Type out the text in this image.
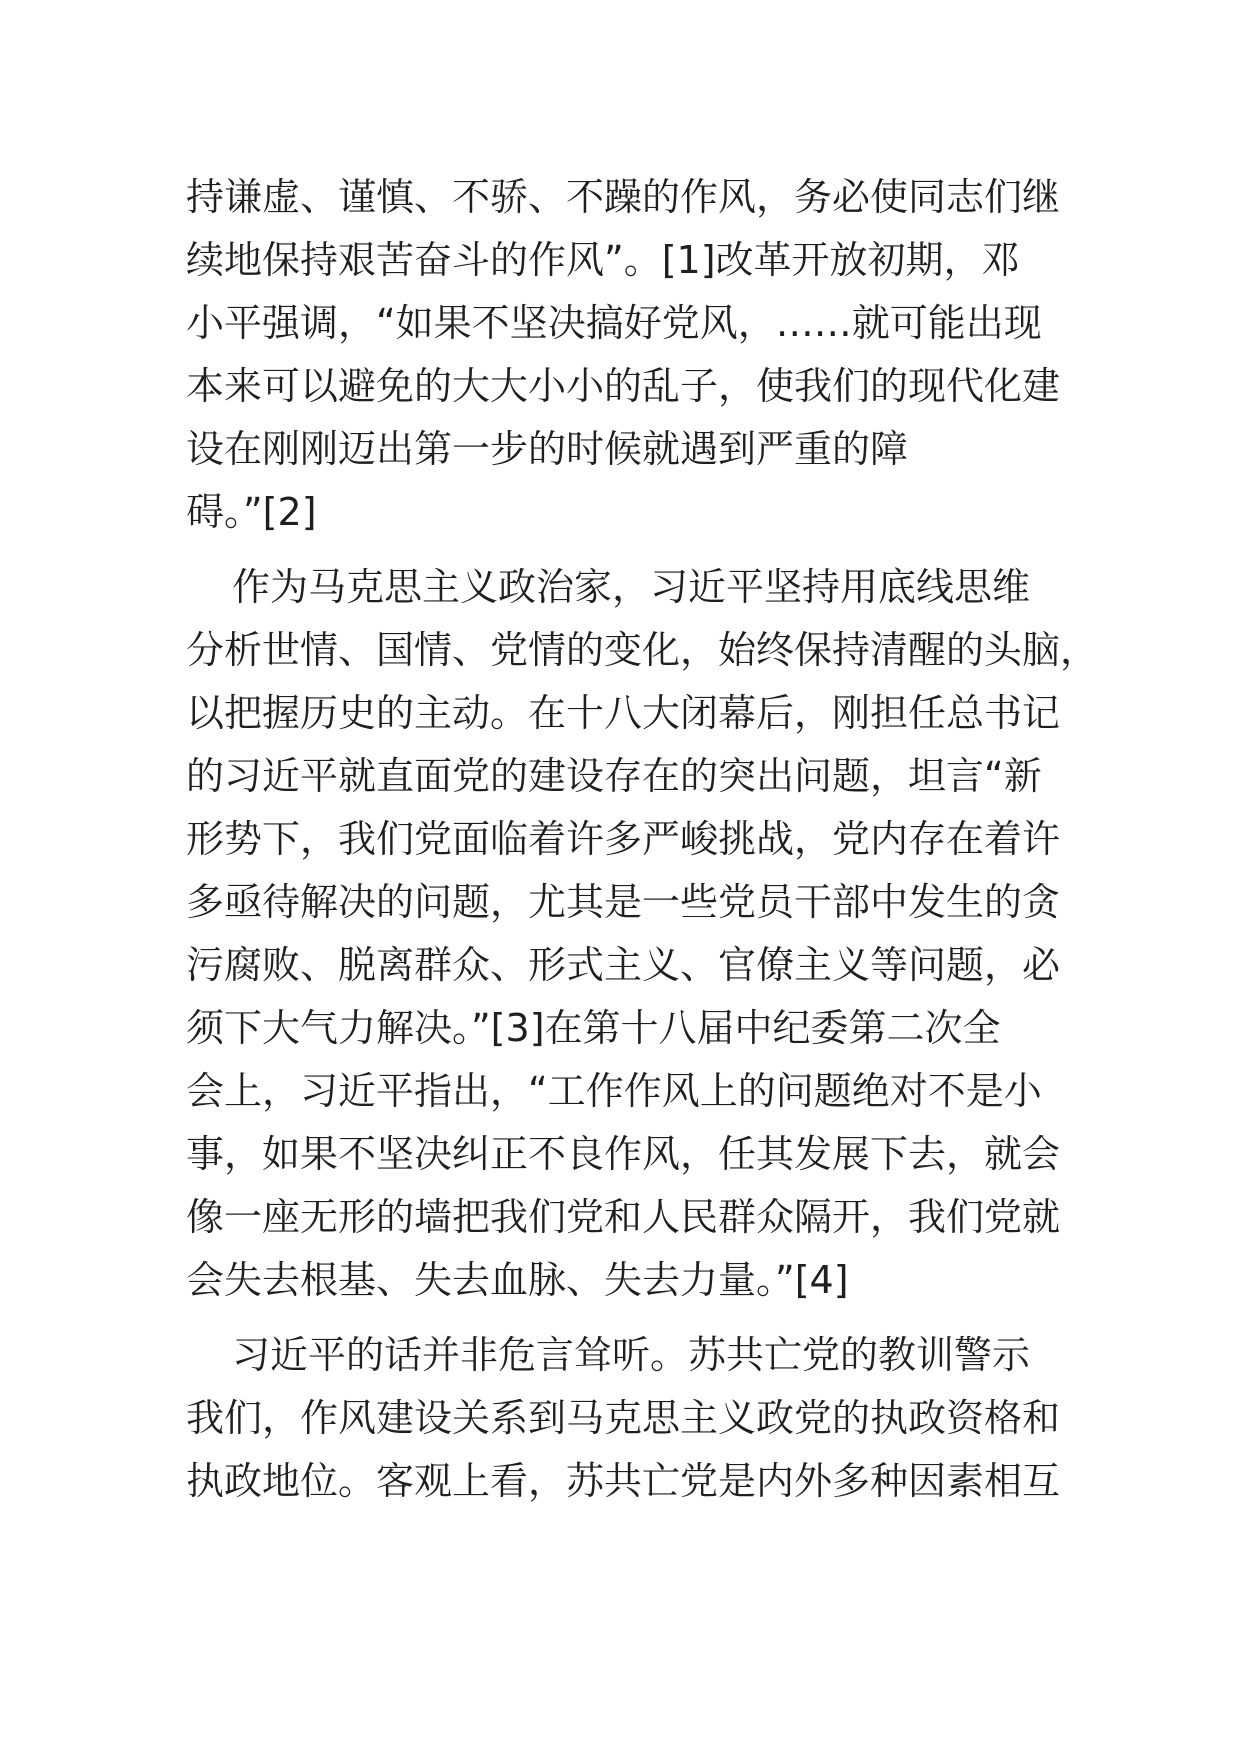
持谦虚、谨慎、不骄、不躁的作风，务必使同志们继
续地保持艰苦奋斗的作风”。[1]改革开放初期，邓
小平强调，“如果不坚决搞好党风，……就可能出现
本来可以避免的大大小小的乱子，使我们的现代化建
设在刚刚迈出第一步的时候就遇到严重的障
碍。”[2]
作为马克思主义政治家，习近平坚持用底线思维
分析世情、国情、党情的变化，始终保持清醒的头脑，
以把握历史的主动。在十八大闭幕后，刚担任总书记
的习近平就直面党的建设存在的突出问题，坦言“新
形势下，我们党面临着许多严峻挑战，党内存在着许
多亟待解决的问题，尤其是一些党员干部中发生的贪
污腐败、脱离群众、形式主义、官僚主义等问题，必
须下大气力解决。”[3]在第十八届中纪委第二次全
会上，习近平指出，“工作作风上的问题绝对不是小
事，如果不坚决纠正不良作风，任其发展下去，就会
像一座无形的墙把我们党和人民群众隔开，我们党就
会失去根基、失去血脉、失去力量。”[4]
习近平的话并非危言耸听。苏共亡党的教训警示
我们，作风建设关系到马克思主义政党的执政资格和
执政地位。客观上看，苏共亡党是内外多种因素相互
